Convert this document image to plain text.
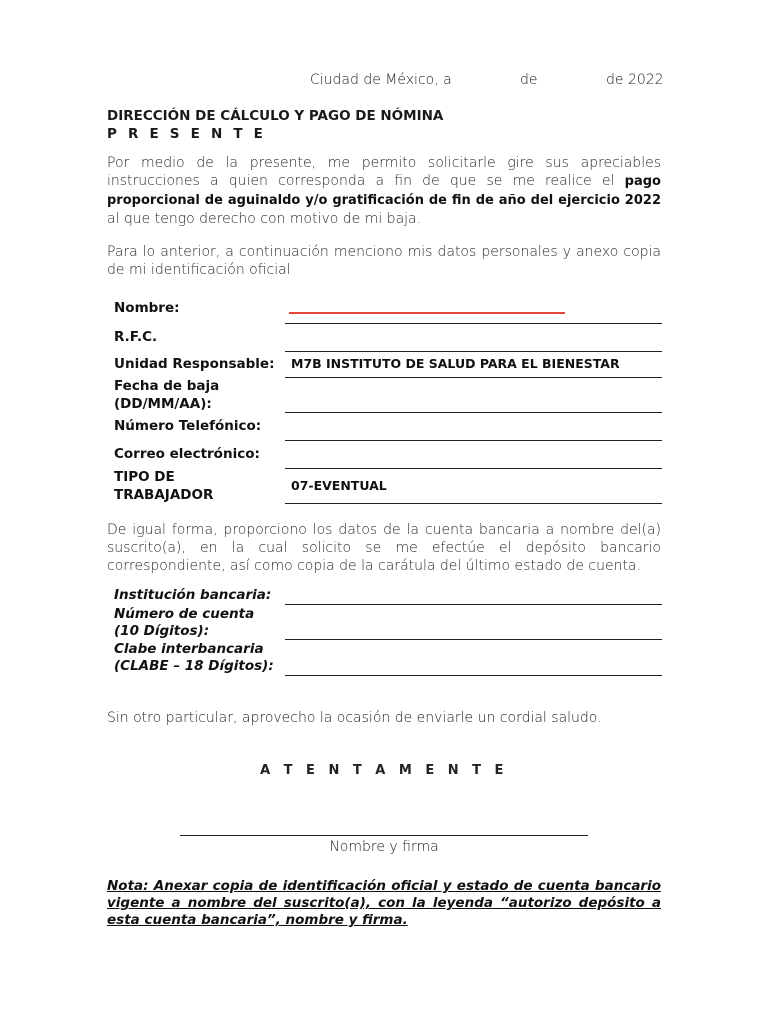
Ciudad de México, a	de	de 2022
DIRECCIÓN DE CÁLCULO Y PAGO DE NÓMINA
P R E S E N T E
Por medio de la presente, me permito solicitarle gire sus apreciables instrucciones a quien corresponda a fin de que se me realice el pago proporcional de aguinaldo y/o gratificación de fin de año del ejercicio 2022 al que tengo derecho con motivo de mi baja.
Para lo anterior, a continuación menciono mis datos personales y anexo copia de mi identificación oficial
Nombre:
R.F.C.
Unidad Responsable: M7B INSTITUTO DE SALUD PARA EL BIENESTAR
Fecha de baja
(DD/MM/AA):
Número Telefónico:
Correo electrónico:
TIPO DE
TRABAJADOR
07-EVENTUAL
De igual forma, proporciono los datos de la cuenta bancaria a nombre del(a) suscrito(a), en la cual solicito se me efectúe el depósito bancario correspondiente, así como copia de la carátula del último estado de cuenta.
Institución bancaria:
Número de cuenta
(10 Dígitos):
Clabe interbancaria
(CLABE – 18 Dígitos):
Sin otro particular, aprovecho la ocasión de enviarle un cordial saludo.
A T E N T A M E N T E
Nombre y firma
Nota: Anexar copia de identificación oficial y estado de cuenta bancario vigente a nombre del suscrito(a), con la leyenda “autorizo depósito a esta cuenta bancaria”, nombre y firma.
